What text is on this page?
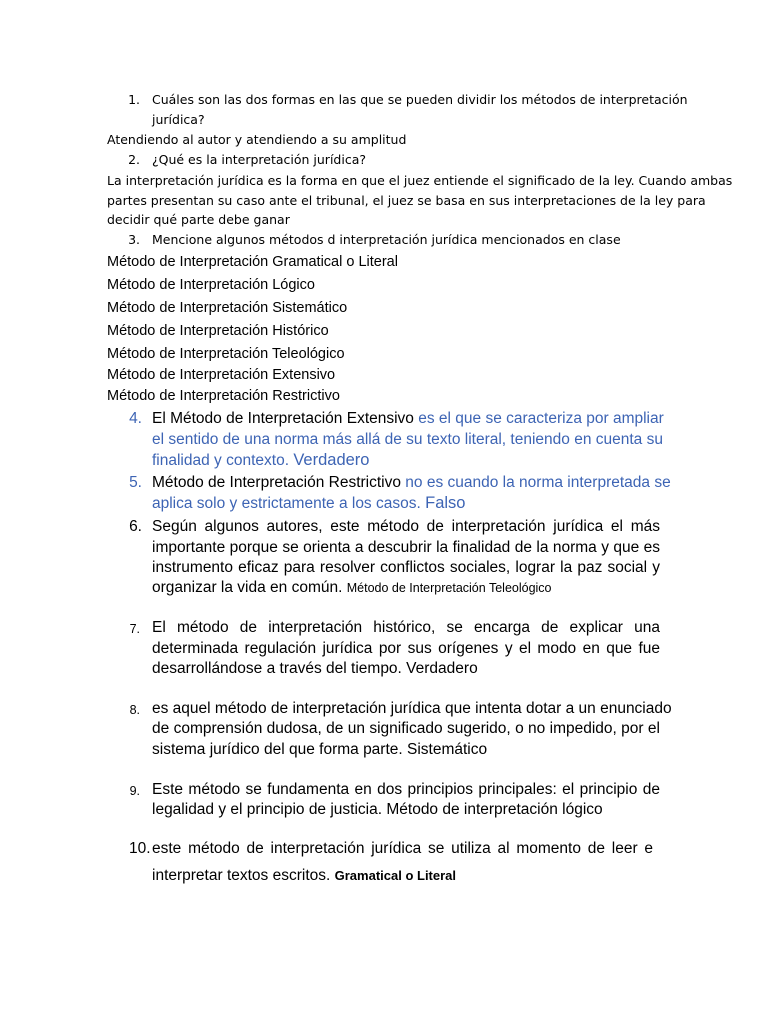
1. Cuáles son las dos formas en las que se pueden dividir los métodos de interpretación
jurídica?
Atendiendo al autor y atendiendo a su amplitud
2. ¿Qué es la interpretación jurídica?
La interpretación jurídica es la forma en que el juez entiende el significado de la ley. Cuando ambas
partes presentan su caso ante el tribunal, el juez se basa en sus interpretaciones de la ley para
decidir qué parte debe ganar
3. Mencione algunos métodos d interpretación jurídica mencionados en clase
Método de Interpretación Gramatical o Literal
Método de Interpretación Lógico
Método de Interpretación Sistemático
Método de Interpretación Histórico
Método de Interpretación Teleológico
Método de Interpretación Extensivo
Método de Interpretación Restrictivo
4. El Método de Interpretación Extensivo es el que se caracteriza por ampliar
el sentido de una norma más allá de su texto literal, teniendo en cuenta su
finalidad y contexto. Verdadero
5. Método de Interpretación Restrictivo no es cuando la norma interpretada se
aplica solo y estrictamente a los casos. Falso
6. Según algunos autores, este método de interpretación jurídica el más
importante porque se orienta a descubrir la finalidad de la norma y que es
instrumento eficaz para resolver conflictos sociales, lograr la paz social y
organizar la vida en común. Método de Interpretación Teleológico
7. El método de interpretación histórico, se encarga de explicar una
determinada regulación jurídica por sus orígenes y el modo en que fue
desarrollándose a través del tiempo. Verdadero
8. es aquel método de interpretación jurídica que intenta dotar a un enunciado
de comprensión dudosa, de un significado sugerido, o no impedido, por el
sistema jurídico del que forma parte. Sistemático
9. Este método se fundamenta en dos principios principales: el principio de
legalidad y el principio de justicia. Método de interpretación lógico
10. este método de interpretación jurídica se utiliza al momento de leer e
interpretar textos escritos. Gramatical o Literal
